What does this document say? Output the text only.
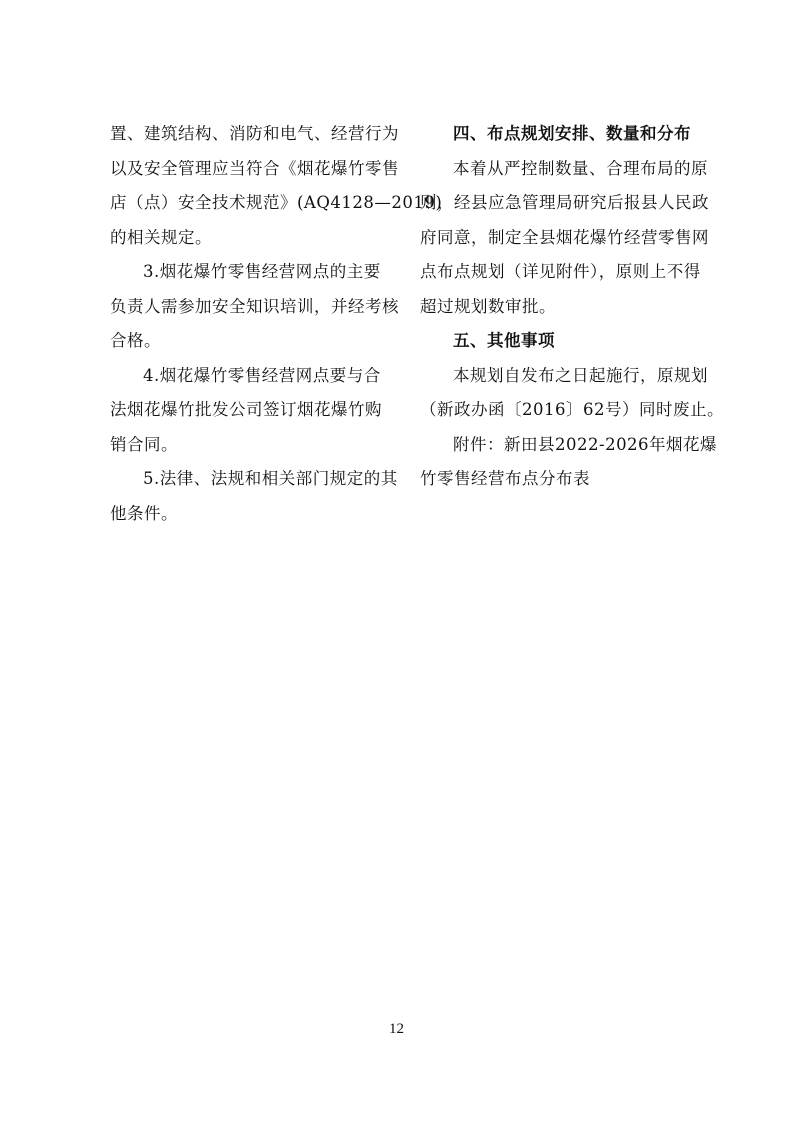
置、建筑结构、消防和电气、经营行为
以及安全管理应当符合《烟花爆竹零售
店（点）安全技术规范》(AQ4128—2019)
的相关规定。
3.烟花爆竹零售经营网点的主要
负责人需参加安全知识培训，并经考核
合格。
4.烟花爆竹零售经营网点要与合
法烟花爆竹批发公司签订烟花爆竹购
销合同。
5.法律、法规和相关部门规定的其
他条件。
四、布点规划安排、数量和分布
本着从严控制数量、合理布局的原
则，经县应急管理局研究后报县人民政
府同意，制定全县烟花爆竹经营零售网
点布点规划（详见附件），原则上不得
超过规划数审批。
五、其他事项
本规划自发布之日起施行，原规划
（新政办函〔2016〕62号）同时废止。
附件：新田县2022-2026年烟花爆
竹零售经营布点分布表
12
